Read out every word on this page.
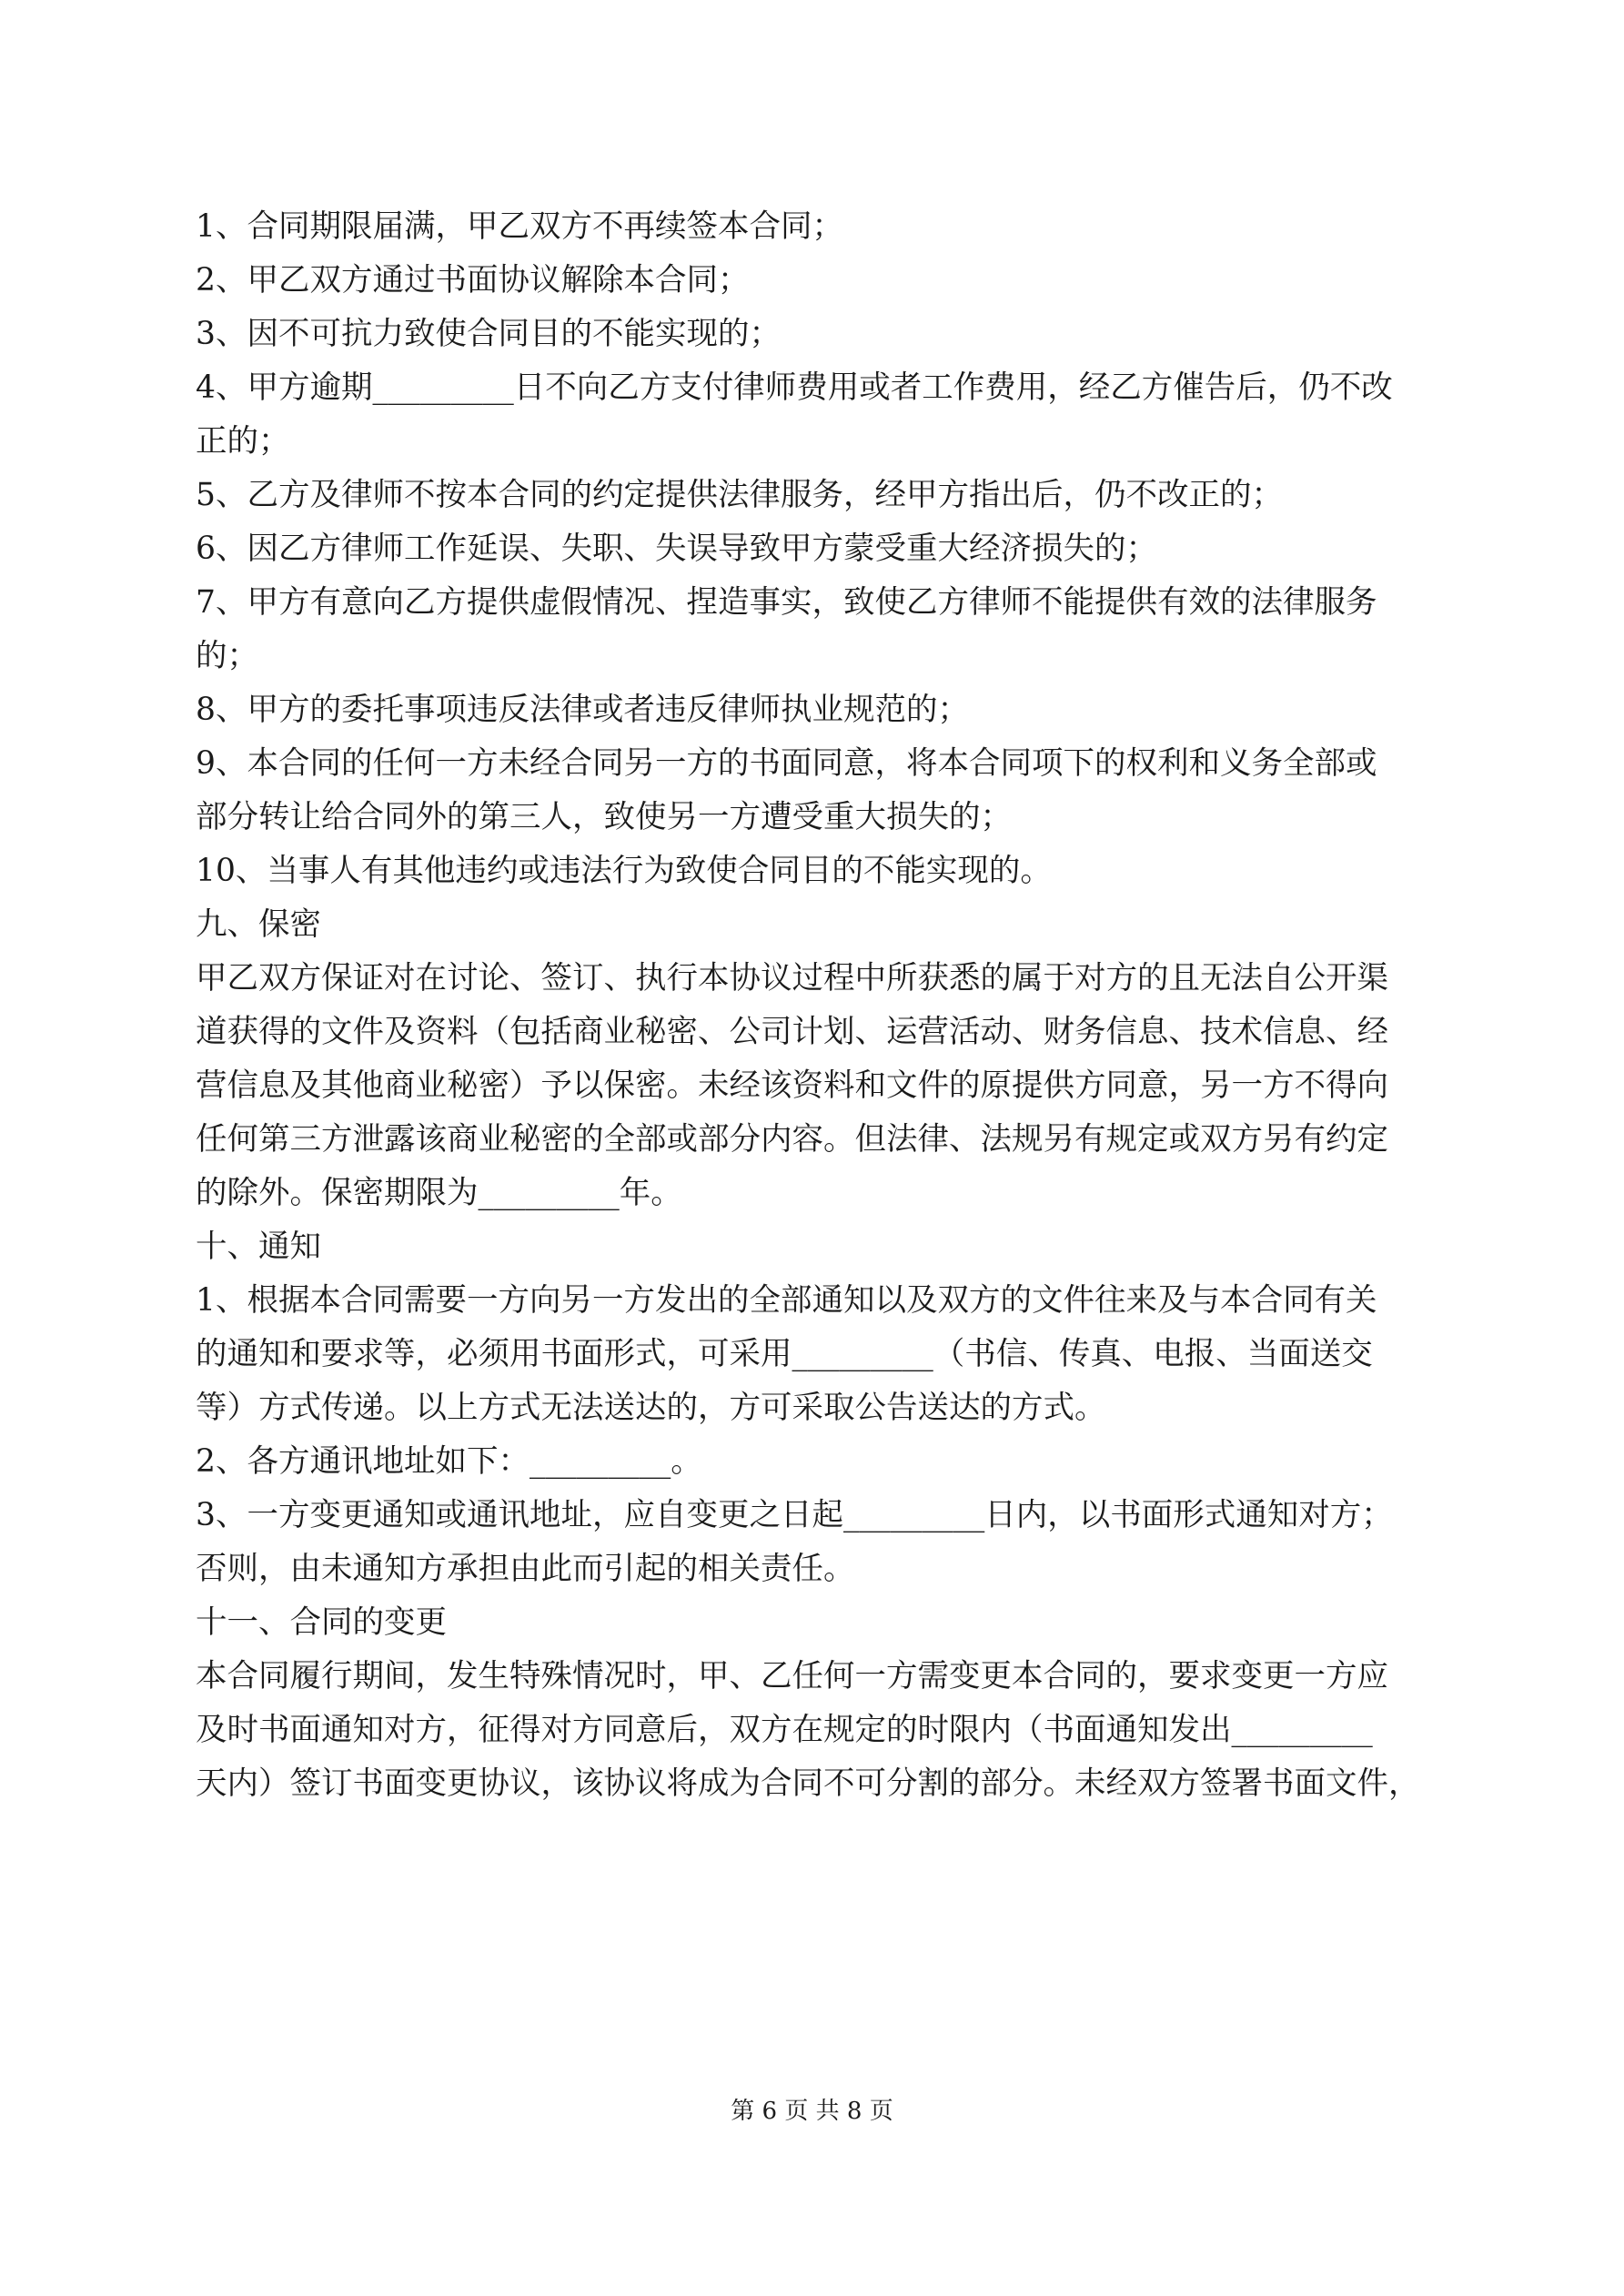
1、合同期限届满，甲乙双方不再续签本合同；
2、甲乙双方通过书面协议解除本合同；
3、因不可抗力致使合同目的不能实现的；
4、甲方逾期_________日不向乙方支付律师费用或者工作费用，经乙方催告后，仍不改
正的；
5、乙方及律师不按本合同的约定提供法律服务，经甲方指出后，仍不改正的；
6、因乙方律师工作延误、失职、失误导致甲方蒙受重大经济损失的；
7、甲方有意向乙方提供虚假情况、捏造事实，致使乙方律师不能提供有效的法律服务
的；
8、甲方的委托事项违反法律或者违反律师执业规范的；
9、本合同的任何一方未经合同另一方的书面同意，将本合同项下的权利和义务全部或
部分转让给合同外的第三人，致使另一方遭受重大损失的；
10、当事人有其他违约或违法行为致使合同目的不能实现的。
九、保密
甲乙双方保证对在讨论、签订、执行本协议过程中所获悉的属于对方的且无法自公开渠
道获得的文件及资料（包括商业秘密、公司计划、运营活动、财务信息、技术信息、经
营信息及其他商业秘密）予以保密。未经该资料和文件的原提供方同意，另一方不得向
任何第三方泄露该商业秘密的全部或部分内容。但法律、法规另有规定或双方另有约定
的除外。保密期限为_________年。
十、通知
1、根据本合同需要一方向另一方发出的全部通知以及双方的文件往来及与本合同有关
的通知和要求等，必须用书面形式，可采用_________（书信、传真、电报、当面送交
等）方式传递。以上方式无法送达的，方可采取公告送达的方式。
2、各方通讯地址如下：_________。
3、一方变更通知或通讯地址，应自变更之日起_________日内，以书面形式通知对方；
否则，由未通知方承担由此而引起的相关责任。
十一、合同的变更
本合同履行期间，发生特殊情况时，甲、乙任何一方需变更本合同的，要求变更一方应
及时书面通知对方，征得对方同意后，双方在规定的时限内（书面通知发出_________
天内）签订书面变更协议，该协议将成为合同不可分割的部分。未经双方签署书面文件，
第 6 页 共 8 页
